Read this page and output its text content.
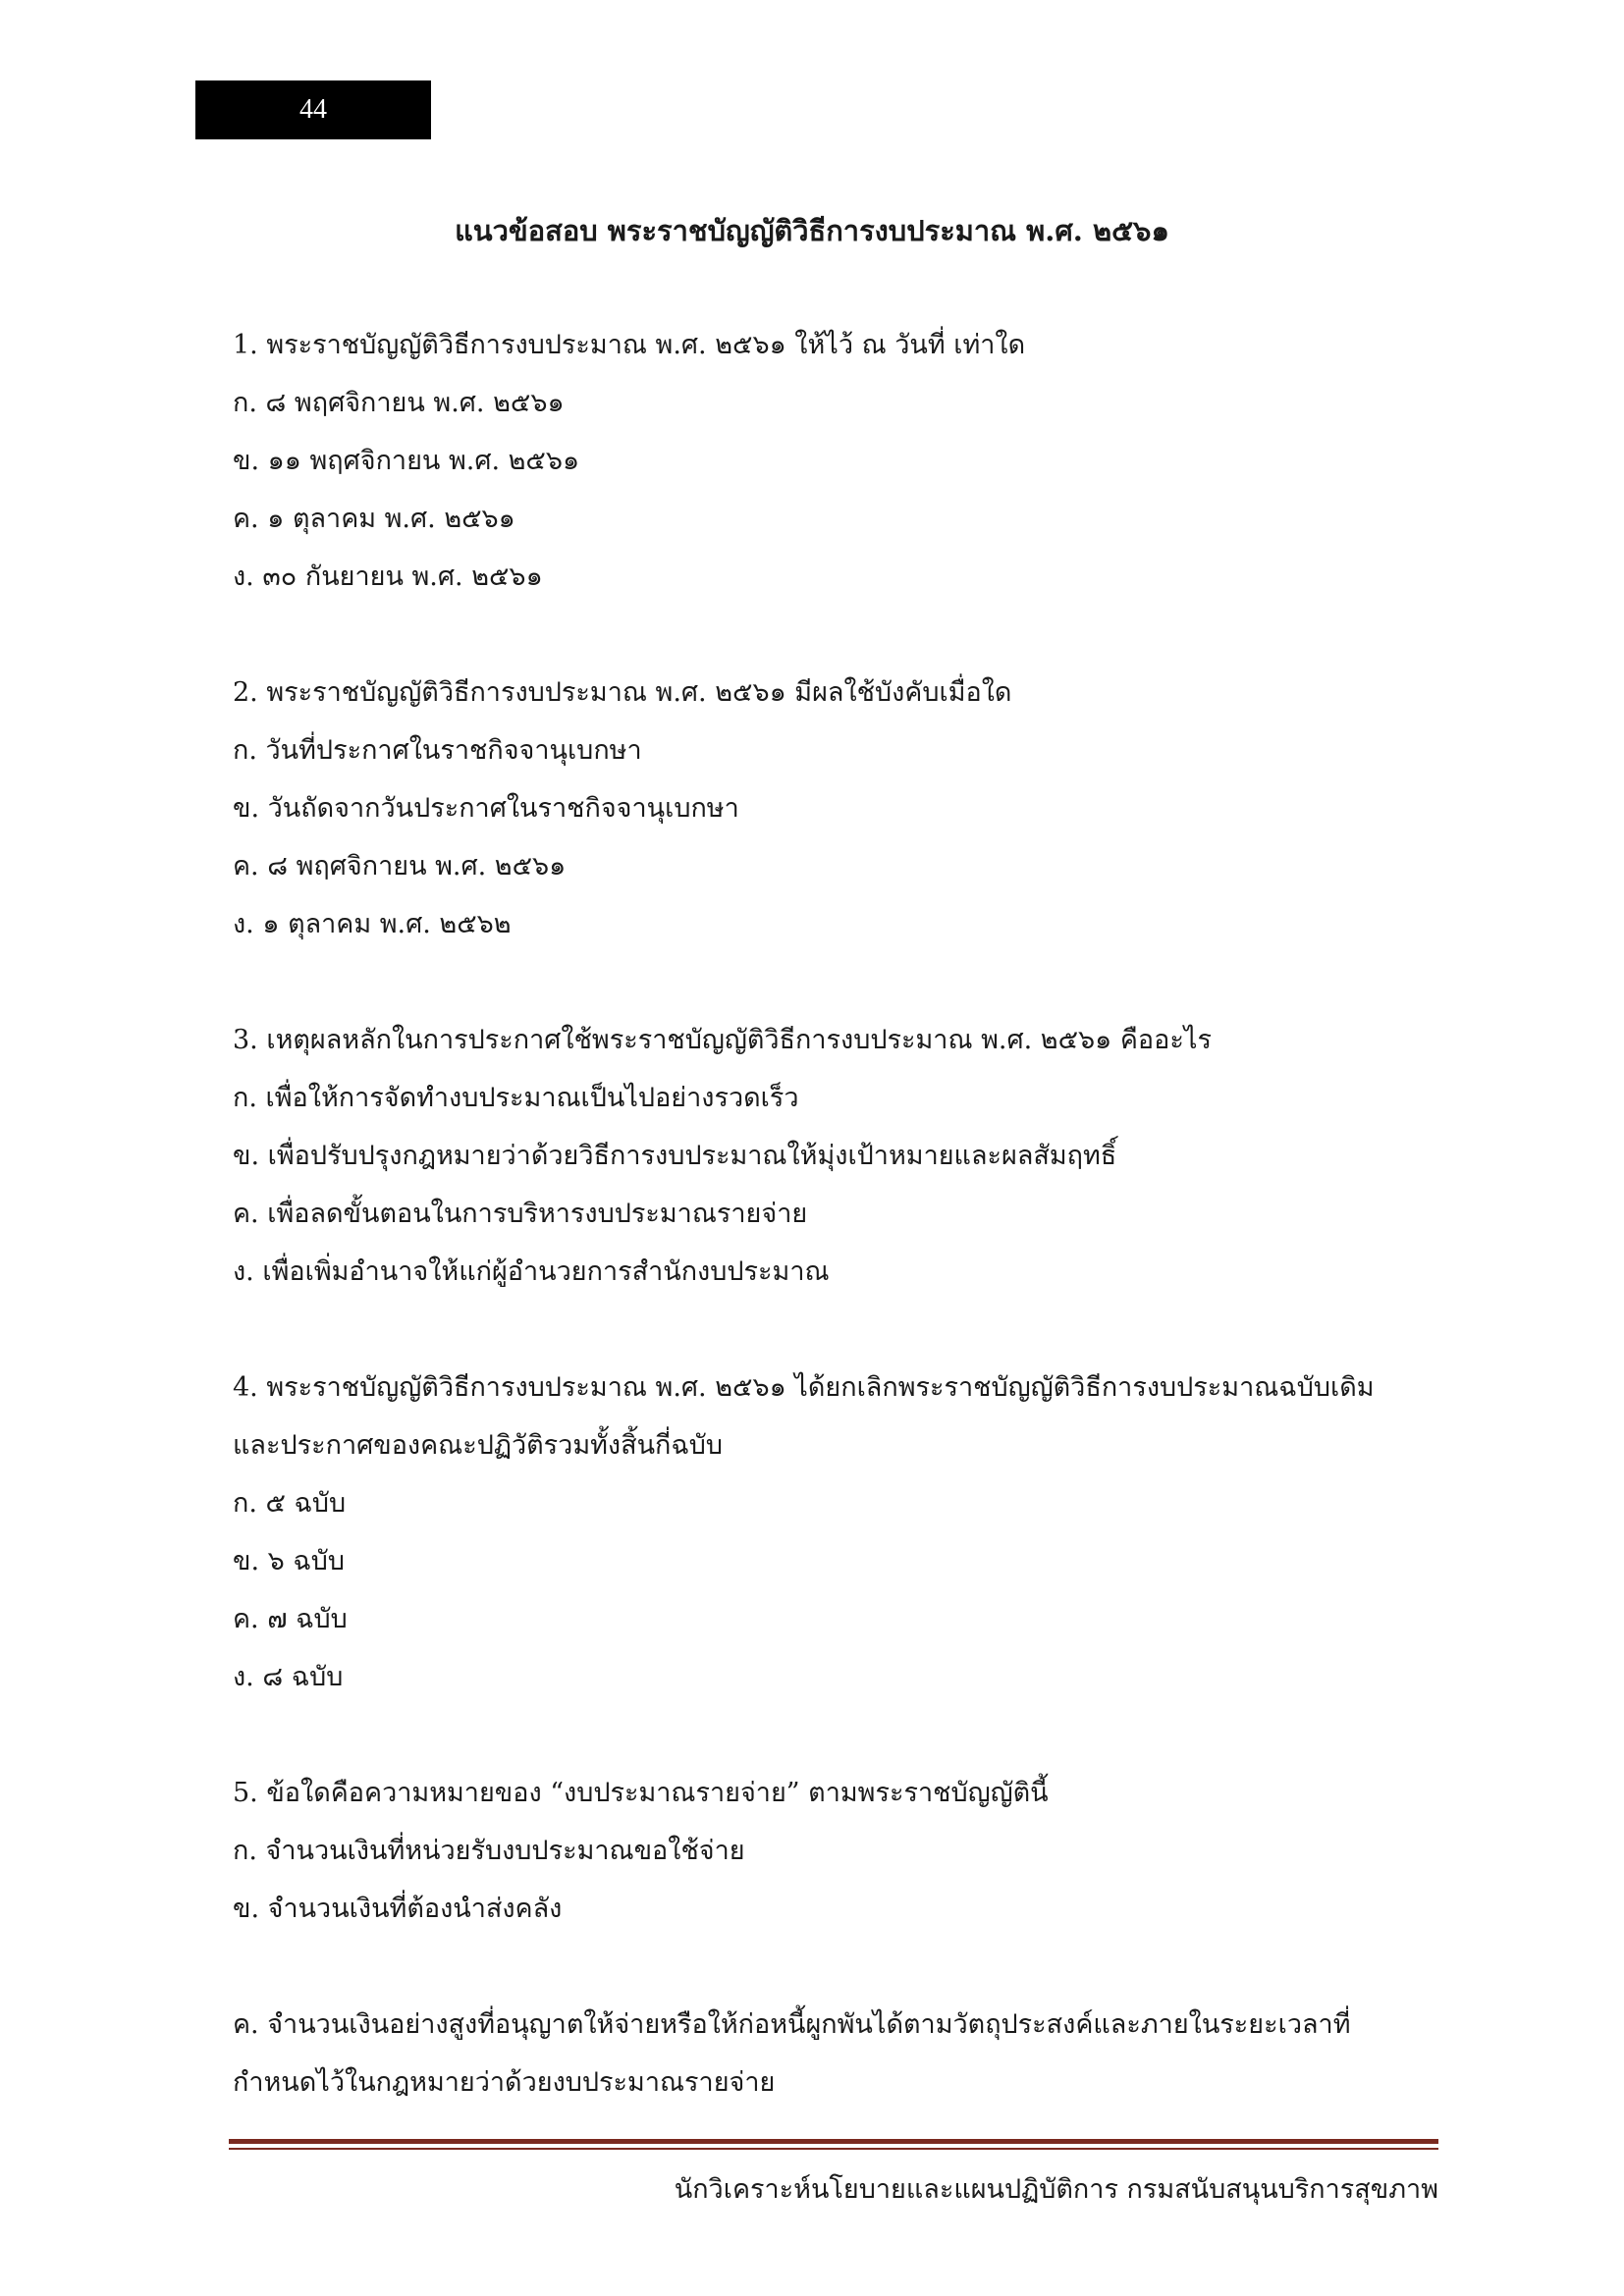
44
แนวข้อสอบ พระราชบัญญัติวิธีการงบประมาณ พ.ศ. ๒๕๖๑
1. พระราชบัญญัติวิธีการงบประมาณ พ.ศ. ๒๕๖๑ ให้ไว้ ณ วันที่ เท่าใด
ก. ๘ พฤศจิกายน พ.ศ. ๒๕๖๑
ข. ๑๑ พฤศจิกายน พ.ศ. ๒๕๖๑
ค. ๑ ตุลาคม พ.ศ. ๒๕๖๑
ง. ๓๐ กันยายน พ.ศ. ๒๕๖๑
2. พระราชบัญญัติวิธีการงบประมาณ พ.ศ. ๒๕๖๑ มีผลใช้บังคับเมื่อใด
ก. วันที่ประกาศในราชกิจจานุเบกษา
ข. วันถัดจากวันประกาศในราชกิจจานุเบกษา
ค. ๘ พฤศจิกายน พ.ศ. ๒๕๖๑
ง. ๑ ตุลาคม พ.ศ. ๒๕๖๒
3. เหตุผลหลักในการประกาศใช้พระราชบัญญัติวิธีการงบประมาณ พ.ศ. ๒๕๖๑ คืออะไร
ก. เพื่อให้การจัดทำงบประมาณเป็นไปอย่างรวดเร็ว
ข. เพื่อปรับปรุงกฎหมายว่าด้วยวิธีการงบประมาณให้มุ่งเป้าหมายและผลสัมฤทธิ์
ค. เพื่อลดขั้นตอนในการบริหารงบประมาณรายจ่าย
ง. เพื่อเพิ่มอำนาจให้แก่ผู้อำนวยการสำนักงบประมาณ
4. พระราชบัญญัติวิธีการงบประมาณ พ.ศ. ๒๕๖๑ ได้ยกเลิกพระราชบัญญัติวิธีการงบประมาณฉบับเดิม
และประกาศของคณะปฏิวัติรวมทั้งสิ้นกี่ฉบับ
ก. ๕ ฉบับ
ข. ๖ ฉบับ
ค. ๗ ฉบับ
ง. ๘ ฉบับ
5. ข้อใดคือความหมายของ “งบประมาณรายจ่าย” ตามพระราชบัญญัตินี้
ก. จำนวนเงินที่หน่วยรับงบประมาณขอใช้จ่าย
ข. จำนวนเงินที่ต้องนำส่งคลัง
ค. จำนวนเงินอย่างสูงที่อนุญาตให้จ่ายหรือให้ก่อหนี้ผูกพันได้ตามวัตถุประสงค์และภายในระยะเวลาที่
กำหนดไว้ในกฎหมายว่าด้วยงบประมาณรายจ่าย
นักวิเคราะห์นโยบายและแผนปฏิบัติการ กรมสนับสนุนบริการสุขภาพ
